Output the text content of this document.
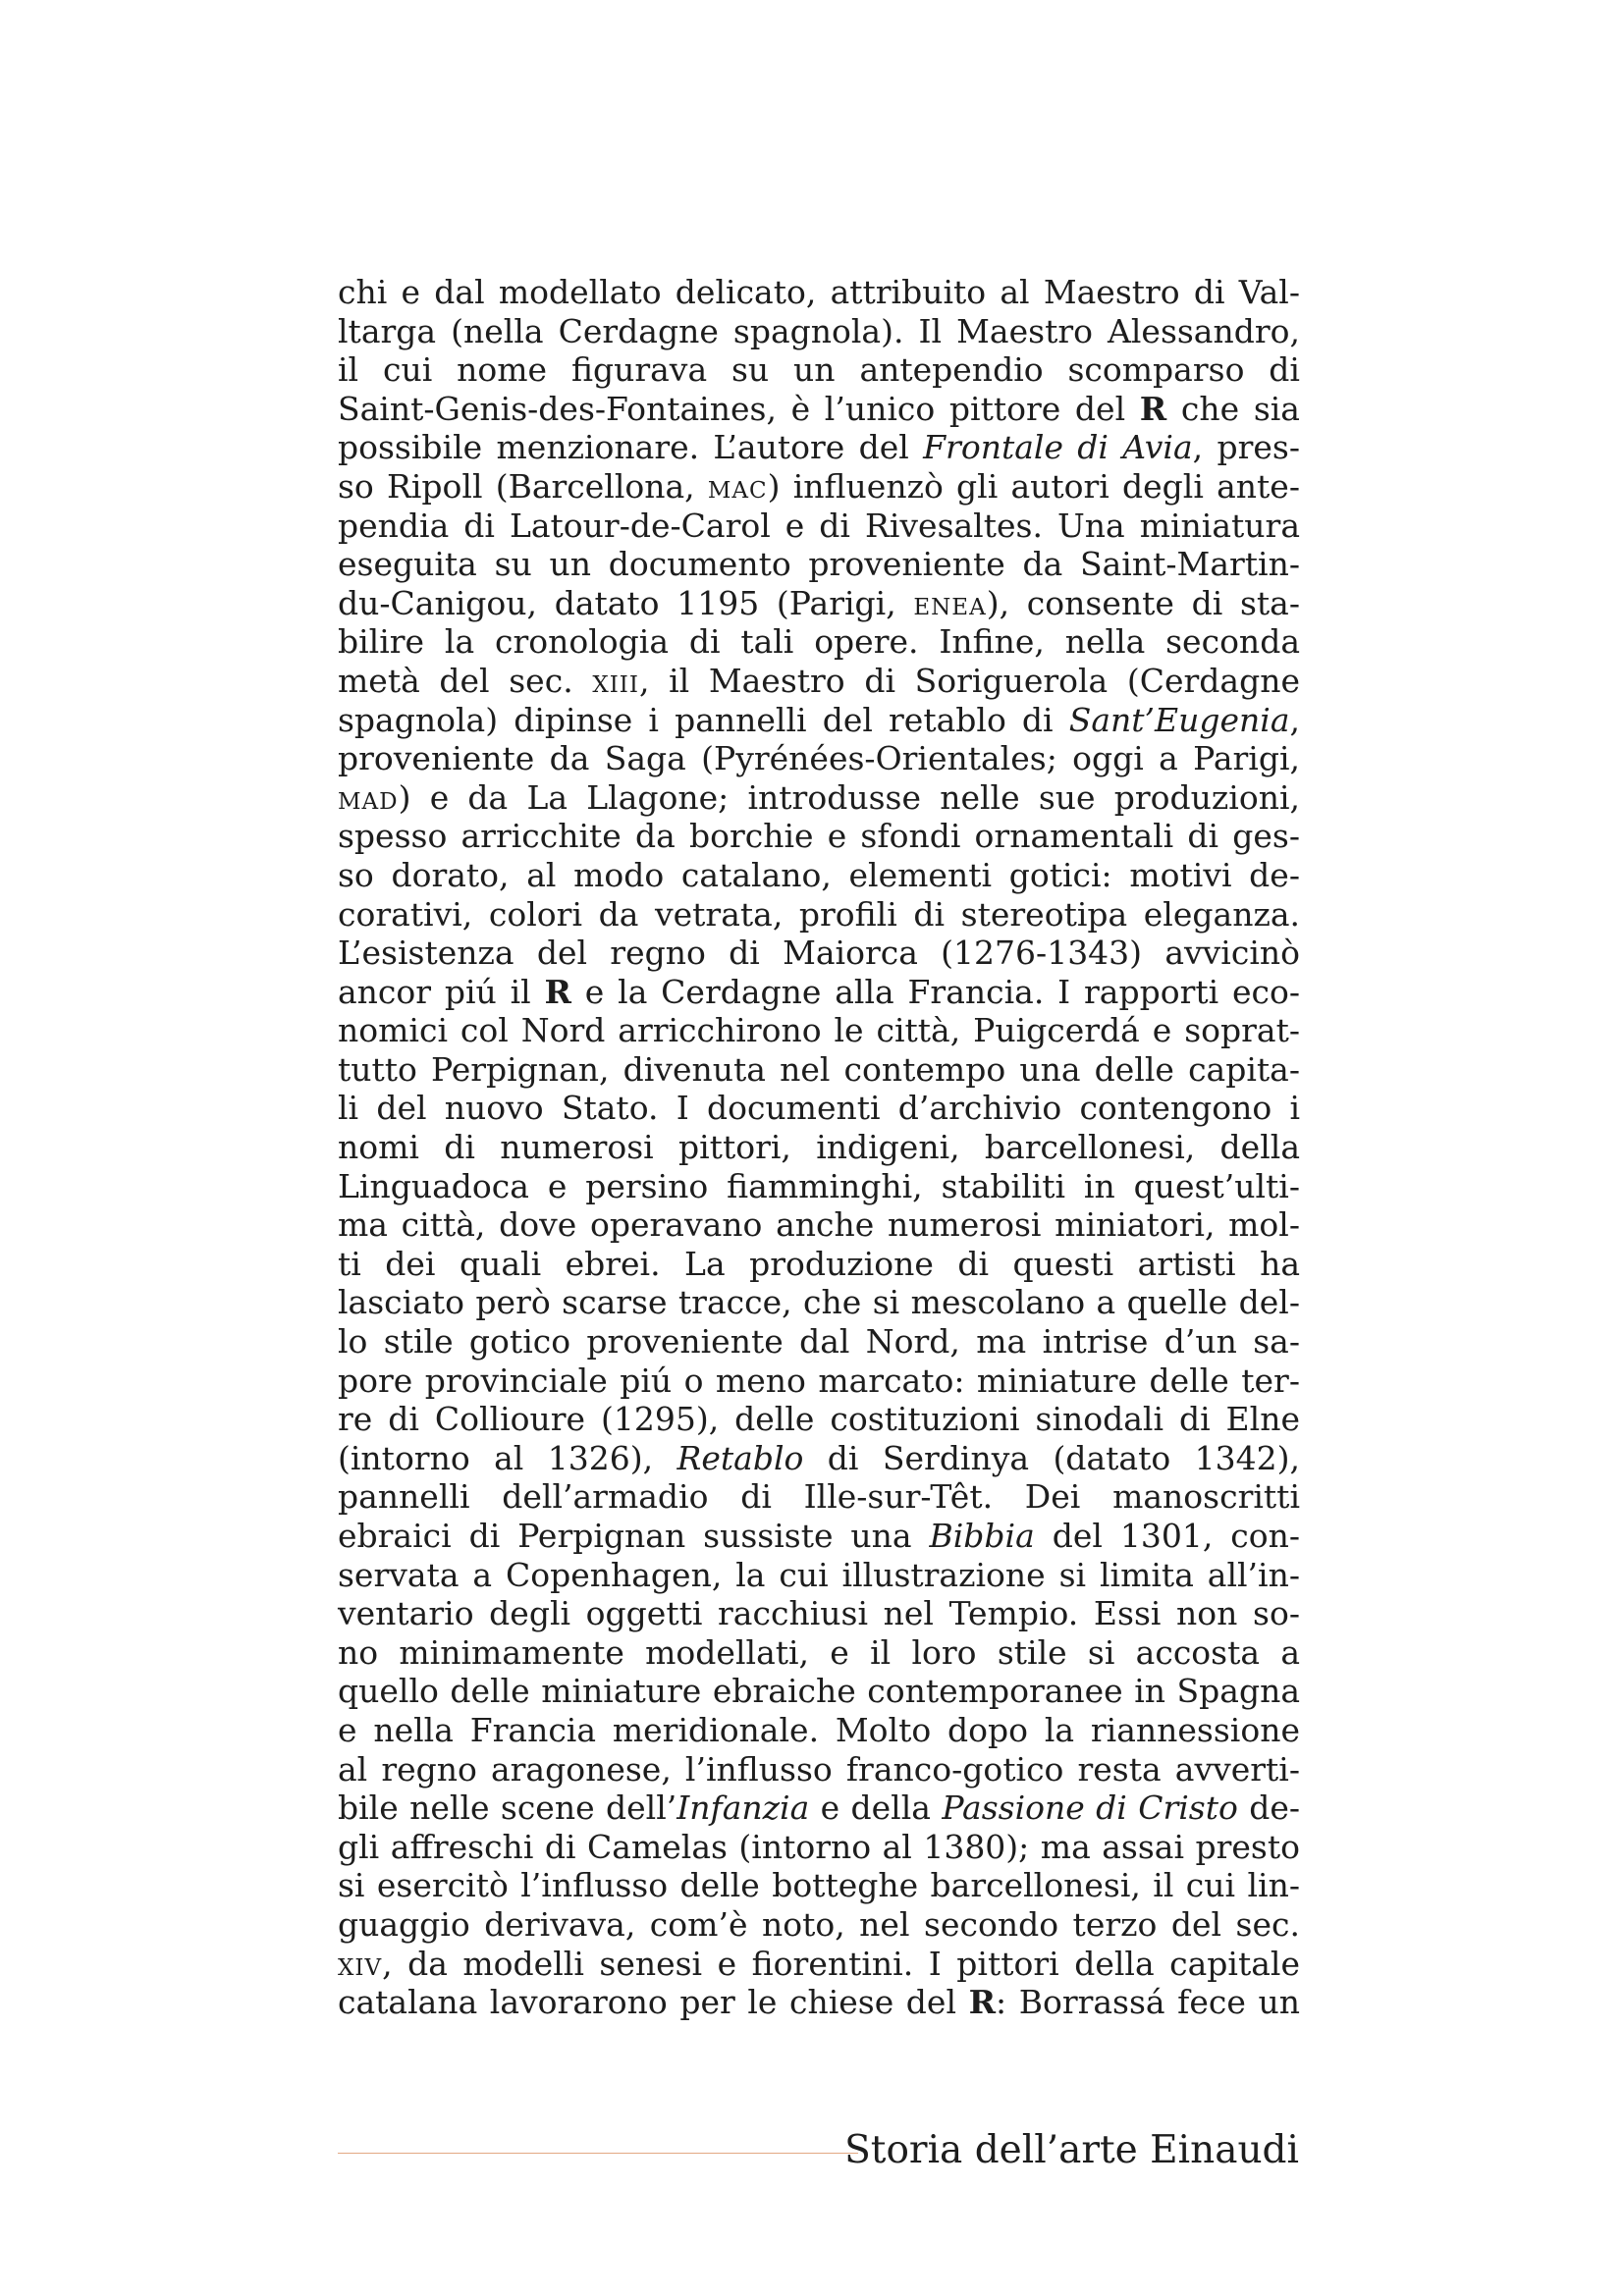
chi e dal modellato delicato, attribuito al Maestro di Val-
ltarga (nella Cerdagne spagnola). Il Maestro Alessandro,
il cui nome figurava su un antependio scomparso di
Saint-Genis-des-Fontaines, è l’unico pittore del R che sia
possibile menzionare. L’autore del Frontale di Avia, pres-
so Ripoll (Barcellona, mac) influenzò gli autori degli ante-
pendia di Latour-de-Carol e di Rivesaltes. Una miniatura
eseguita su un documento proveniente da Saint-Martin-
du-Canigou, datato 1195 (Parigi, enea), consente di sta-
bilire la cronologia di tali opere. Infine, nella seconda
metà del sec. xiii, il Maestro di Soriguerola (Cerdagne
spagnola) dipinse i pannelli del retablo di Sant’Eugenia,
proveniente da Saga (Pyrénées-Orientales; oggi a Parigi,
mad) e da La Llagone; introdusse nelle sue produzioni,
spesso arricchite da borchie e sfondi ornamentali di ges-
so dorato, al modo catalano, elementi gotici: motivi de-
corativi, colori da vetrata, profili di stereotipa eleganza.
L’esistenza del regno di Maiorca (1276-1343) avvicinò
ancor piú il R e la Cerdagne alla Francia. I rapporti eco-
nomici col Nord arricchirono le città, Puigcerdá e soprat-
tutto Perpignan, divenuta nel contempo una delle capita-
li del nuovo Stato. I documenti d’archivio contengono i
nomi di numerosi pittori, indigeni, barcellonesi, della
Linguadoca e persino fiamminghi, stabiliti in quest’ulti-
ma città, dove operavano anche numerosi miniatori, mol-
ti dei quali ebrei. La produzione di questi artisti ha
lasciato però scarse tracce, che si mescolano a quelle del-
lo stile gotico proveniente dal Nord, ma intrise d’un sa-
pore provinciale piú o meno marcato: miniature delle ter-
re di Collioure (1295), delle costituzioni sinodali di Elne
(intorno al 1326), Retablo di Serdinya (datato 1342),
pannelli dell’armadio di Ille-sur-Têt. Dei manoscritti
ebraici di Perpignan sussiste una Bibbia del 1301, con-
servata a Copenhagen, la cui illustrazione si limita all’in-
ventario degli oggetti racchiusi nel Tempio. Essi non so-
no minimamente modellati, e il loro stile si accosta a
quello delle miniature ebraiche contemporanee in Spagna
e nella Francia meridionale. Molto dopo la riannessione
al regno aragonese, l’influsso franco-gotico resta avverti-
bile nelle scene dell’Infanzia e della Passione di Cristo de-
gli affreschi di Camelas (intorno al 1380); ma assai presto
si esercitò l’influsso delle botteghe barcellonesi, il cui lin-
guaggio derivava, com’è noto, nel secondo terzo del sec.
xiv, da modelli senesi e fiorentini. I pittori della capitale
catalana lavorarono per le chiese del R: Borrassá fece un
Storia dell’arte Einaudi
